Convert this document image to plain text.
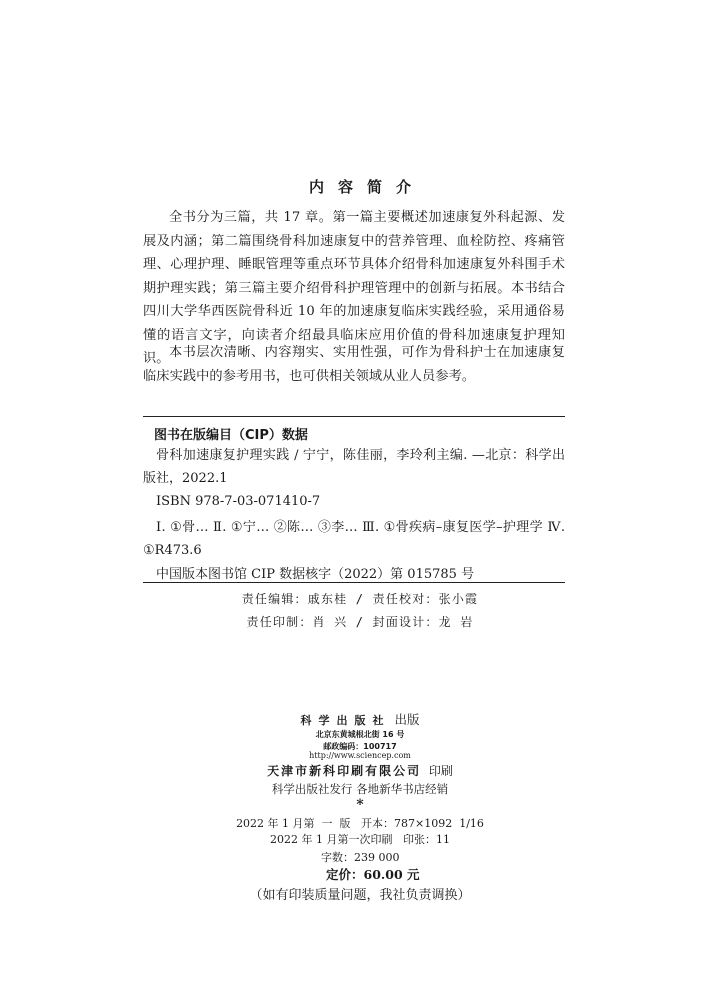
内容简介

全书分为三篇，共 17 章。第一篇主要概述加速康复外科起源、发展及内涵；第二篇围绕骨科加速康复中的营养管理、血栓防控、疼痛管理、心理护理、睡眠管理等重点环节具体介绍骨科加速康复外科围手术期护理实践；第三篇主要介绍骨科护理管理中的创新与拓展。本书结合四川大学华西医院骨科近 10 年的加速康复临床实践经验，采用通俗易懂的语言文字，向读者介绍最具临床应用价值的骨科加速康复护理知识。 本书层次清晰、内容翔实、实用性强，可作为骨科护士在加速康复临床实践中的参考用书，也可供相关领域从业人员参考。

图书在版编目（CIP）数据

骨科加速康复护理实践 / 宁宁，陈佳丽，李玲利主编. —北京：科学出版社，2022.1

ISBN 978-7-03-071410-7

Ⅰ. ①骨… Ⅱ. ①宁… ②陈… ③李… Ⅲ. ①骨疾病–康复医学–护理学 Ⅳ. ①R473.6

中国版本图书馆 CIP 数据核字（2022）第 015785 号
责任编辑：戚东桂 / 责任校对：张小霞
责任印制：肖 兴 / 封面设计：龙 岩
科学出版社 出版
北京东黄城根北街 16 号
邮政编码：100717
http://www.sciencep.com
天津市新科印刷有限公司 印刷
科学出版社发行 各地新华书店经销
*
2022 年 1 月第  一  版   开本：787×1092  1/16
2022 年 1 月第一次印刷   印张：11
字数：239 000
定价：60.00 元
（如有印装质量问题，我社负责调换）
